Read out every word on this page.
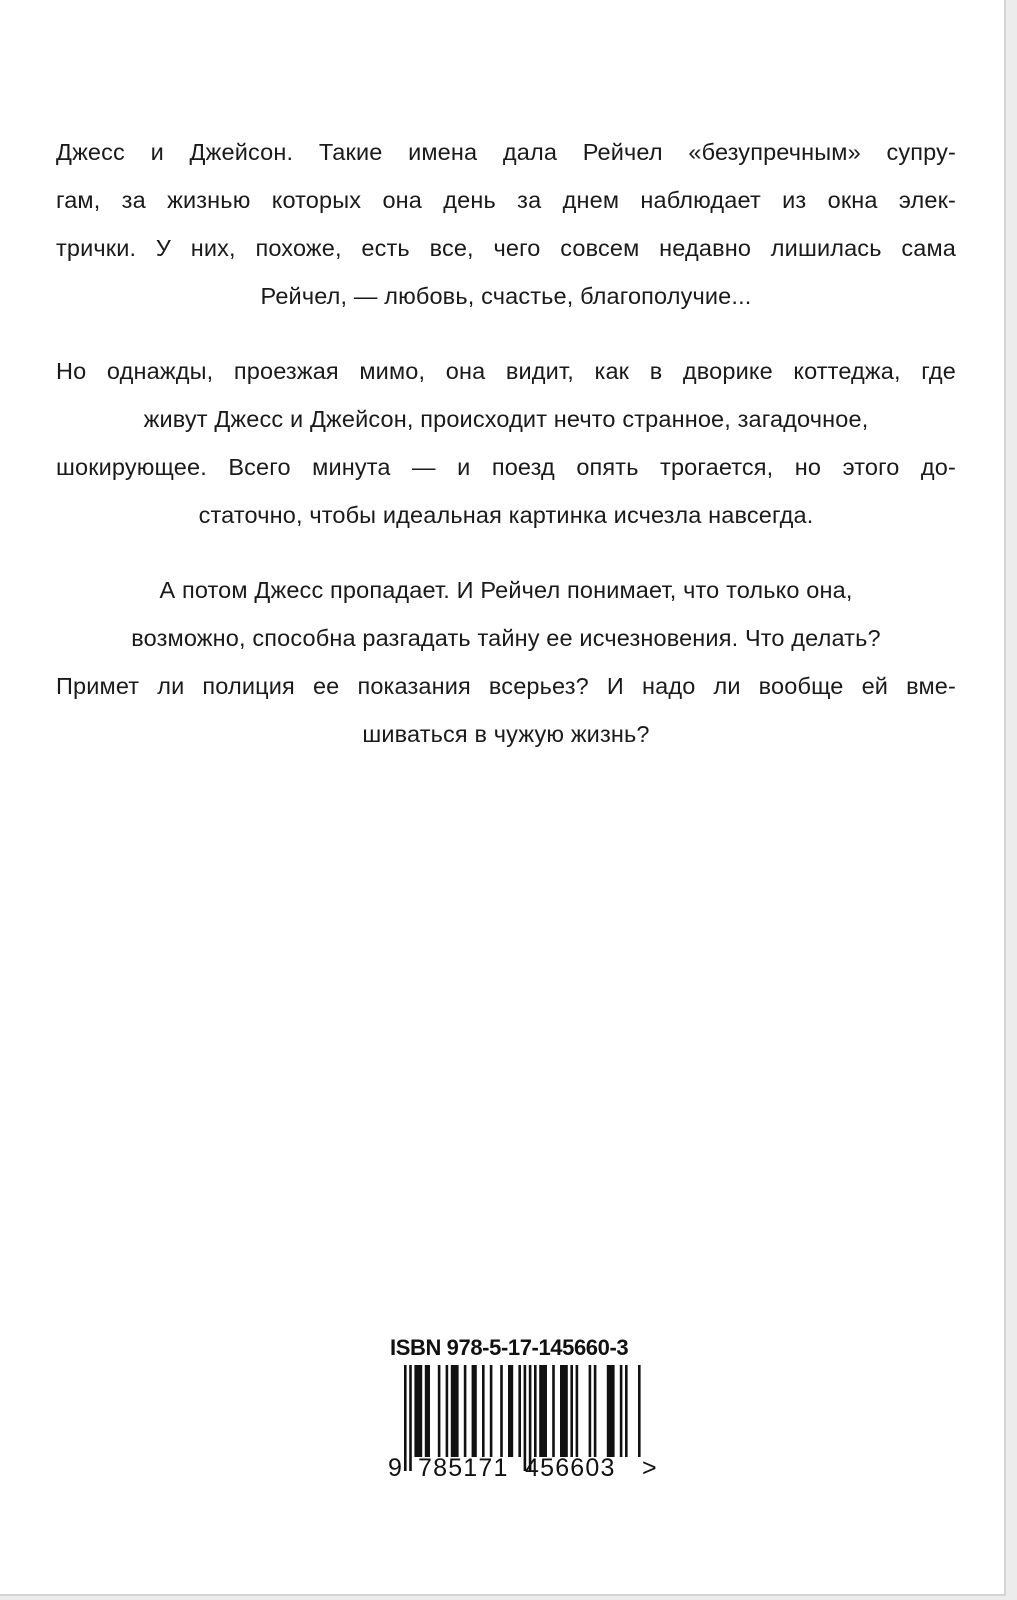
Джесс и Джейсон. Такие имена дала Рейчел «безупречным» супру-
гам, за жизнью которых она день за днем наблюдает из окна элек-
трички. У них, похоже, есть все, чего совсем недавно лишилась сама
Рейчел, — любовь, счастье, благополучие...
Но однажды, проезжая мимо, она видит, как в дворике коттеджа, где
живут Джесс и Джейсон, происходит нечто странное, загадочное,
шокирующее. Всего минута — и поезд опять трогается, но этого до-
статочно, чтобы идеальная картинка исчезла навсегда.
А потом Джесс пропадает. И Рейчел понимает, что только она,
возможно, способна разгадать тайну ее исчезновения. Что делать?
Примет ли полиция ее показания всерьез? И надо ли вообще ей вме-
шиваться в чужую жизнь?
ISBN 978-5-17-145660-3
9 785171 456603 >
